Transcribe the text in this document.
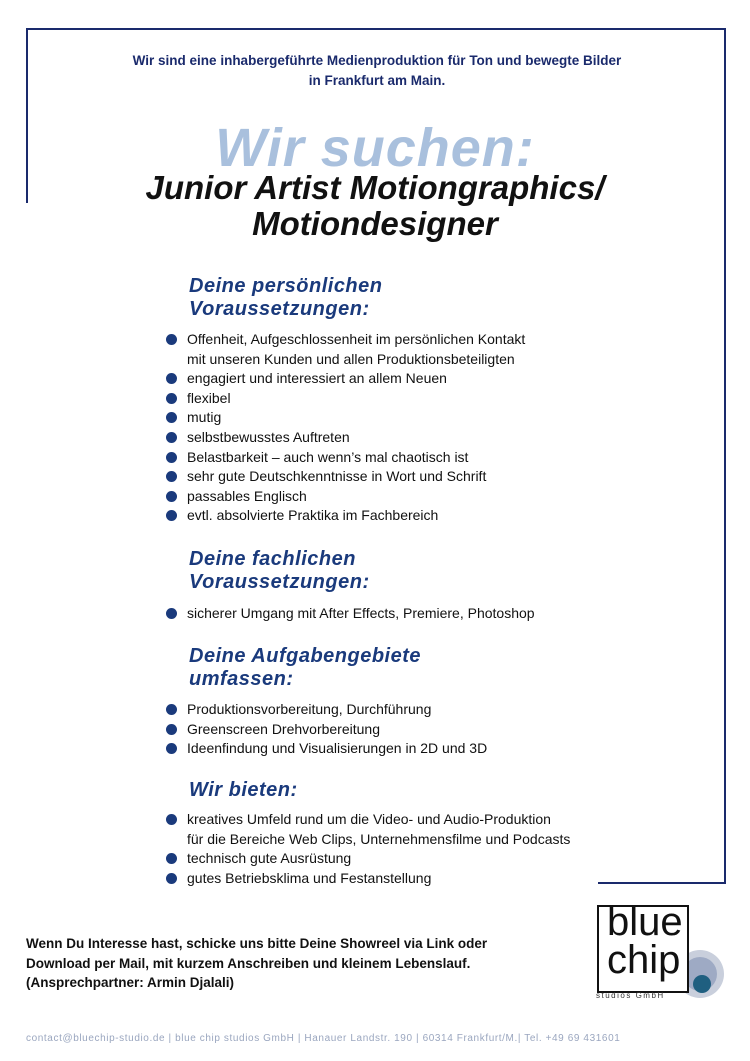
Wir sind eine inhabergeführte Medienproduktion für Ton und bewegte Bilder
in Frankfurt am Main.
Wir suchen:
Junior Artist Motiongraphics/
Motiondesigner
Deine persönlichen
Voraussetzungen:
Offenheit, Aufgeschlossenheit im persönlichen Kontakt
mit unseren Kunden und allen Produktionsbeteiligten
engagiert und interessiert an allem Neuen
flexibel
mutig
selbstbewusstes Auftreten
Belastbarkeit – auch wenn’s mal chaotisch ist
sehr gute Deutschkenntnisse in Wort und Schrift
passables Englisch
evtl. absolvierte Praktika im Fachbereich
Deine fachlichen
Voraussetzungen:
sicherer Umgang mit After Effects, Premiere, Photoshop
Deine Aufgabengebiete
umfassen:
Produktionsvorbereitung, Durchführung
Greenscreen Drehvorbereitung
Ideenfindung und Visualisierungen in 2D und 3D
Wir bieten:
kreatives Umfeld rund um die Video- und Audio-Produktion
für die Bereiche Web Clips, Unternehmensfilme und Podcasts
technisch gute Ausrüstung
gutes Betriebsklima und Festanstellung
Wenn Du Interesse hast, schicke uns bitte Deine Showreel via Link oder
Download per Mail, mit kurzem Anschreiben und kleinem Lebenslauf.
(Ansprechpartner: Armin Djalali)
blue
chip
studios GmbH
contact@bluechip-studio.de | blue chip studios GmbH | Hanauer Landstr. 190 | 60314 Frankfurt/M.| Tel. +49 69 431601
